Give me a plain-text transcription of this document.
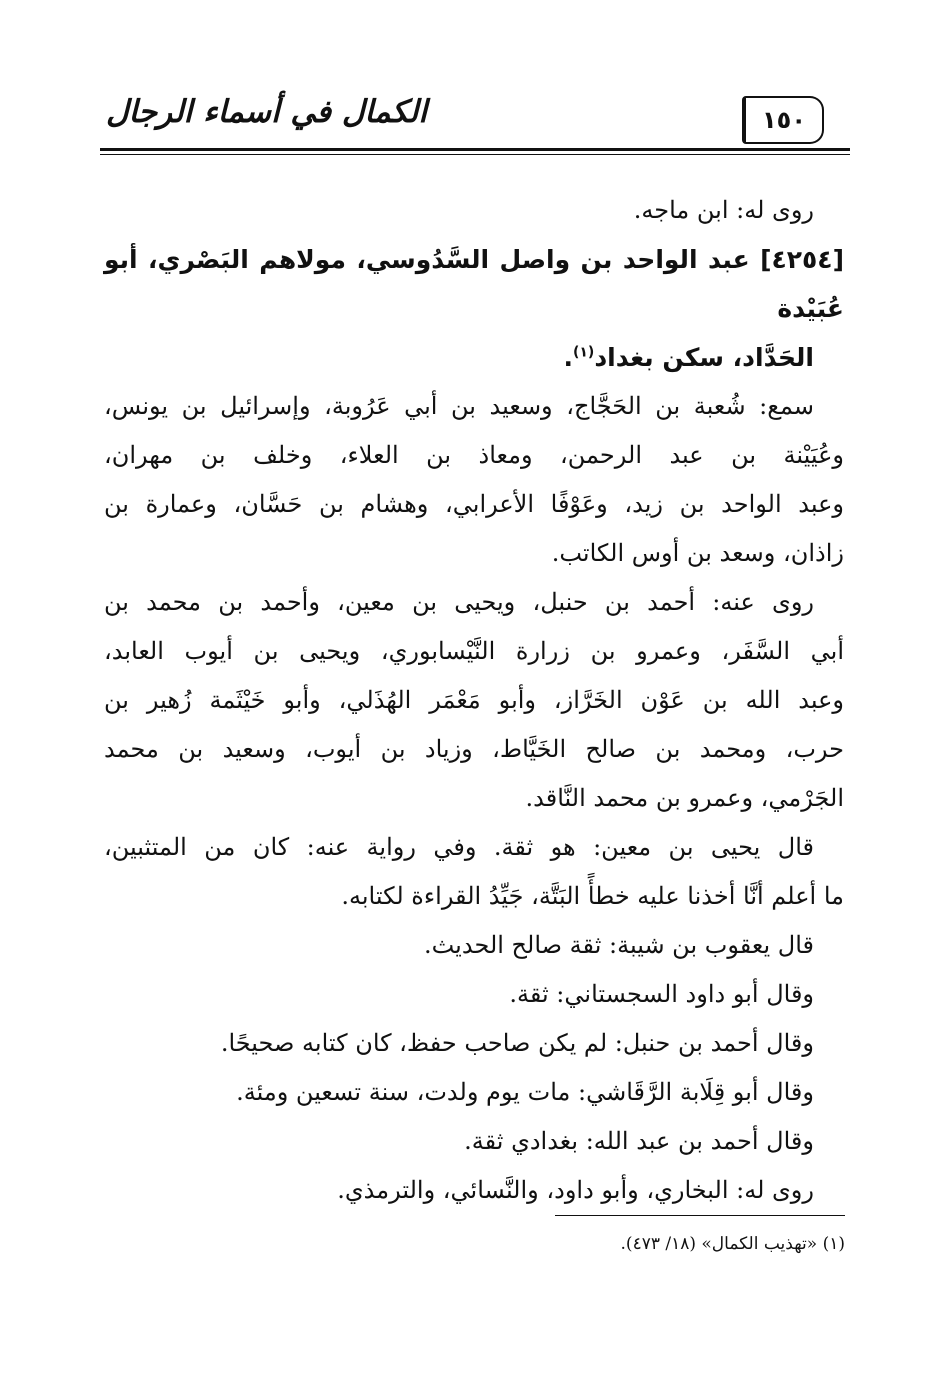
١٥٠
الكمال في أسماء الرجال
روى له: ابن ماجه.
[٤٢٥٤] عبد الواحد بن واصل السَّدُوسي، مولاهم البَصْري، أبو عُبَيْدة
الحَدَّاد، سكن بغداد$^{(١)}$.
سمع: شُعبة بن الحَجَّاج، وسعيد بن أبي عَرُوبة، وإسرائيل بن يونس،
وعُيَيْنة بن عبد الرحمن، ومعاذ بن العلاء، وخلف بن مهران،
وعبد الواحد بن زيد، وعَوْفًا الأعرابي، وهشام بن حَسَّان، وعمارة بن
زاذان، وسعد بن أوس الكاتب.
روى عنه: أحمد بن حنبل، ويحيى بن معين، وأحمد بن محمد بن
أبي السَّفَر، وعمرو بن زرارة النَّيْسابوري، ويحيى بن أيوب العابد،
وعبد الله بن عَوْن الخَرَّاز، وأبو مَعْمَر الهُذَلي، وأبو خَيْثَمة زُهير بن
حرب، ومحمد بن صالح الخَيَّاط، وزياد بن أيوب، وسعيد بن محمد
الجَرْمي، وعمرو بن محمد النَّاقد.
قال يحيى بن معين: هو ثقة. وفي رواية عنه: كان من المتثبين،
ما أعلم أنَّا أخذنا عليه خطأً البَتَّة، جَيِّدُ القراءة لكتابه.
قال يعقوب بن شيبة: ثقة صالح الحديث.
وقال أبو داود السجستاني: ثقة.
وقال أحمد بن حنبل: لم يكن صاحب حفظ، كان كتابه صحيحًا.
وقال أبو قِلَابة الرَّقَاشي: مات يوم ولدت، سنة تسعين ومئة.
وقال أحمد بن عبد الله: بغدادي ثقة.
روى له: البخاري، وأبو داود، والنَّسائي، والترمذي.
(١) «تهذيب الكمال» (١٨/ ٤٧٣).
